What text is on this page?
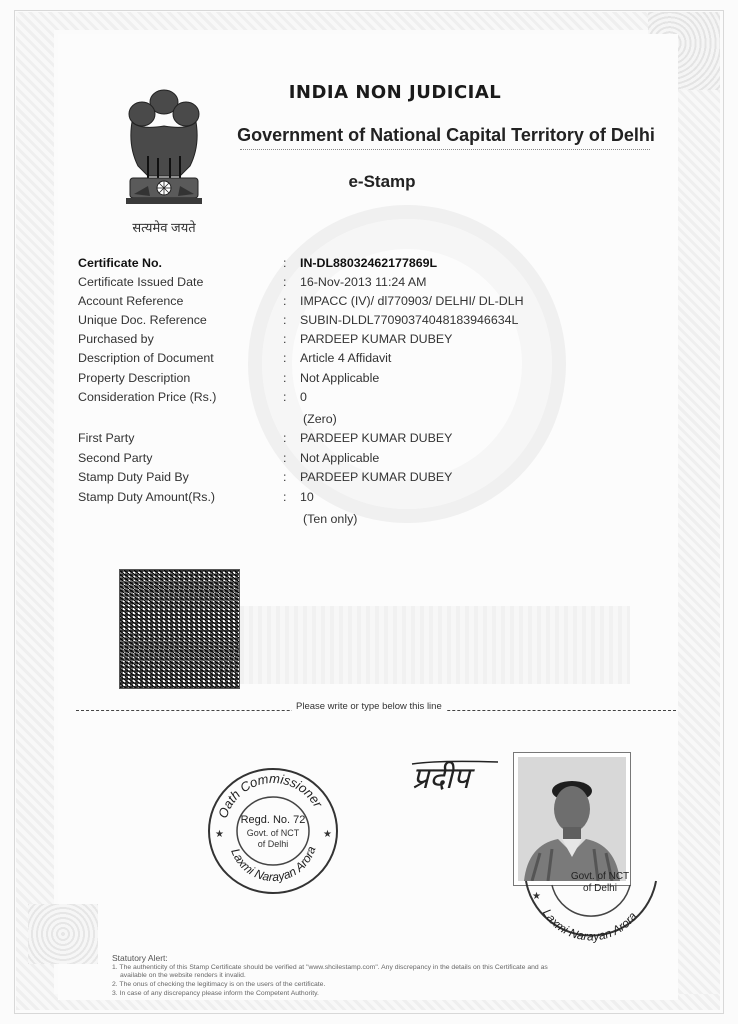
सत्यमेव जयते
INDIA NON JUDICIAL
Government of National Capital Territory of Delhi
e-Stamp
Certificate No.	: IN-DL88032462177869L
Certificate Issued Date	: 16-Nov-2013 11:24 AM
Account Reference	: IMPACC (IV)/ dl770903/ DELHI/ DL-DLH
Unique Doc. Reference	: SUBIN-DLDL77090374048183946634L
Purchased by	: PARDEEP KUMAR DUBEY
Description of Document	: Article 4 Affidavit
Property Description	: Not Applicable
Consideration Price (Rs.)	: 0
(Zero)
First Party	: PARDEEP KUMAR DUBEY
Second Party	: Not Applicable
Stamp Duty Paid By	: PARDEEP KUMAR DUBEY
Stamp Duty Amount(Rs.)	: 10
(Ten only)
Please write or type below this line
Oath Commissioner
Laxmi Narayan Arora
Regd. No. 72
Govt. of NCT
of Delhi
★	★
प्रदीप
Govt. of NCT
of Delhi
Laxmi Narayan Arora
★
Statutory Alert:
1. The authenticity of this Stamp Certificate should be verified at "www.shcilestamp.com". Any discrepancy in the details on this Certificate and as
available on the website renders it invalid.
2. The onus of checking the legitimacy is on the users of the certificate.
3. In case of any discrepancy please inform the Competent Authority.
